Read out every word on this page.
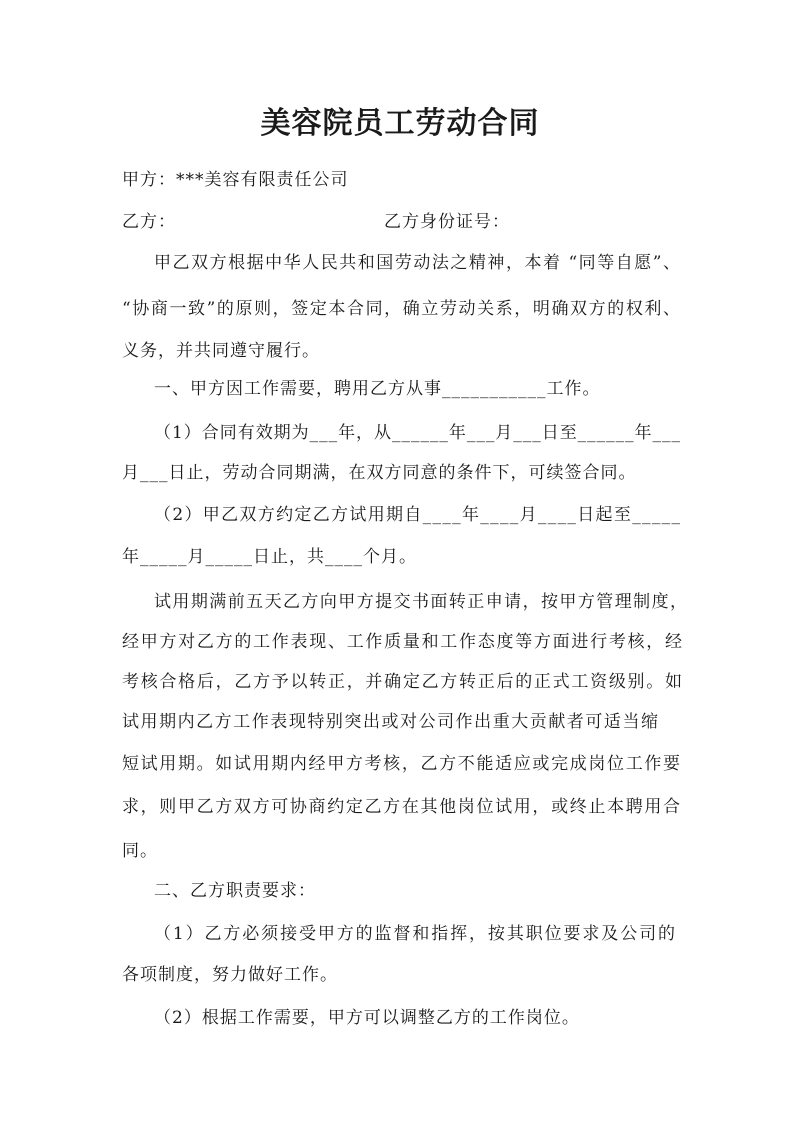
美容院员工劳动合同
甲方：***美容有限责任公司
乙方：	乙方身份证号：
甲乙双方根据中华人民共和国劳动法之精神，本着 “同等自愿”、
“协商一致”的原则，签定本合同，确立劳动关系，明确双方的权利、
义务，并共同遵守履行。
一、甲方因工作需要，聘用乙方从事___________工作。
（1）合同有效期为___年，从______年___月___日至______年___
月___日止，劳动合同期满，在双方同意的条件下，可续签合同。
（2）甲乙双方约定乙方试用期自____年____月____日起至_____
年_____月_____日止，共____个月。
试用期满前五天乙方向甲方提交书面转正申请，按甲方管理制度，
经甲方对乙方的工作表现、工作质量和工作态度等方面进行考核，经
考核合格后，乙方予以转正，并确定乙方转正后的正式工资级别。如
试用期内乙方工作表现特别突出或对公司作出重大贡献者可适当缩
短试用期。如试用期内经甲方考核，乙方不能适应或完成岗位工作要
求，则甲乙方双方可协商约定乙方在其他岗位试用，或终止本聘用合
同。
二、乙方职责要求：
（1）乙方必须接受甲方的监督和指挥，按其职位要求及公司的
各项制度，努力做好工作。
（2）根据工作需要，甲方可以调整乙方的工作岗位。
